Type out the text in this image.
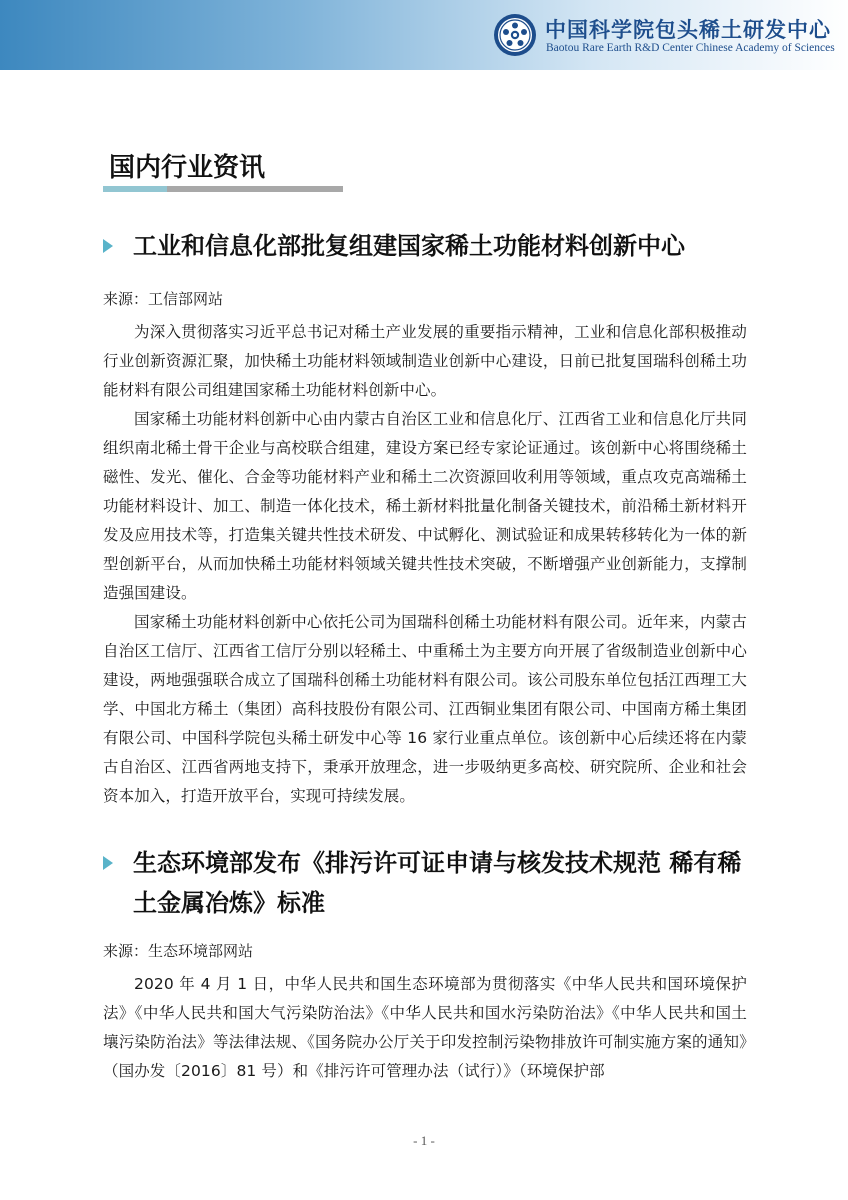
中国科学院包头稀土研发中心
Baotou Rare Earth R&D Center Chinese Academy of Sciences
国内行业资讯
工业和信息化部批复组建国家稀土功能材料创新中心
来源：工信部网站

为深入贯彻落实习近平总书记对稀土产业发展的重要指示精神，工业和信息化部积极推动行业创新资源汇聚，加快稀土功能材料领域制造业创新中心建设，日前已批复国瑞科创稀土功能材料有限公司组建国家稀土功能材料创新中心。

国家稀土功能材料创新中心由内蒙古自治区工业和信息化厅、江西省工业和信息化厅共同组织南北稀土骨干企业与高校联合组建，建设方案已经专家论证通过。该创新中心将围绕稀土磁性、发光、催化、合金等功能材料产业和稀土二次资源回收利用等领域，重点攻克高端稀土功能材料设计、加工、制造一体化技术，稀土新材料批量化制备关键技术，前沿稀土新材料开发及应用技术等，打造集关键共性技术研发、中试孵化、测试验证和成果转移转化为一体的新型创新平台，从而加快稀土功能材料领域关键共性技术突破，不断增强产业创新能力，支撑制造强国建设。

国家稀土功能材料创新中心依托公司为国瑞科创稀土功能材料有限公司。近年来，内蒙古自治区工信厅、江西省工信厅分别以轻稀土、中重稀土为主要方向开展了省级制造业创新中心建设，两地强强联合成立了国瑞科创稀土功能材料有限公司。该公司股东单位包括江西理工大学、中国北方稀土（集团）高科技股份有限公司、江西铜业集团有限公司、中国南方稀土集团有限公司、中国科学院包头稀土研发中心等 16 家行业重点单位。该创新中心后续还将在内蒙古自治区、江西省两地支持下，秉承开放理念，进一步吸纳更多高校、研究院所、企业和社会资本加入，打造开放平台，实现可持续发展。

生态环境部发布《排污许可证申请与核发技术规范 稀有稀土金属冶炼》标准
来源：生态环境部网站

2020 年 4 月 1 日，中华人民共和国生态环境部为贯彻落实《中华人民共和国环境保护法》《中华人民共和国大气污染防治法》《中华人民共和国水污染防治法》《中华人民共和国土壤污染防治法》等法律法规、《国务院办公厅关于印发控制污染物排放许可制实施方案的通知》（国办发〔2016〕81 号）和《排污许可管理办法（试行）》（环境保护部

- 1 -
